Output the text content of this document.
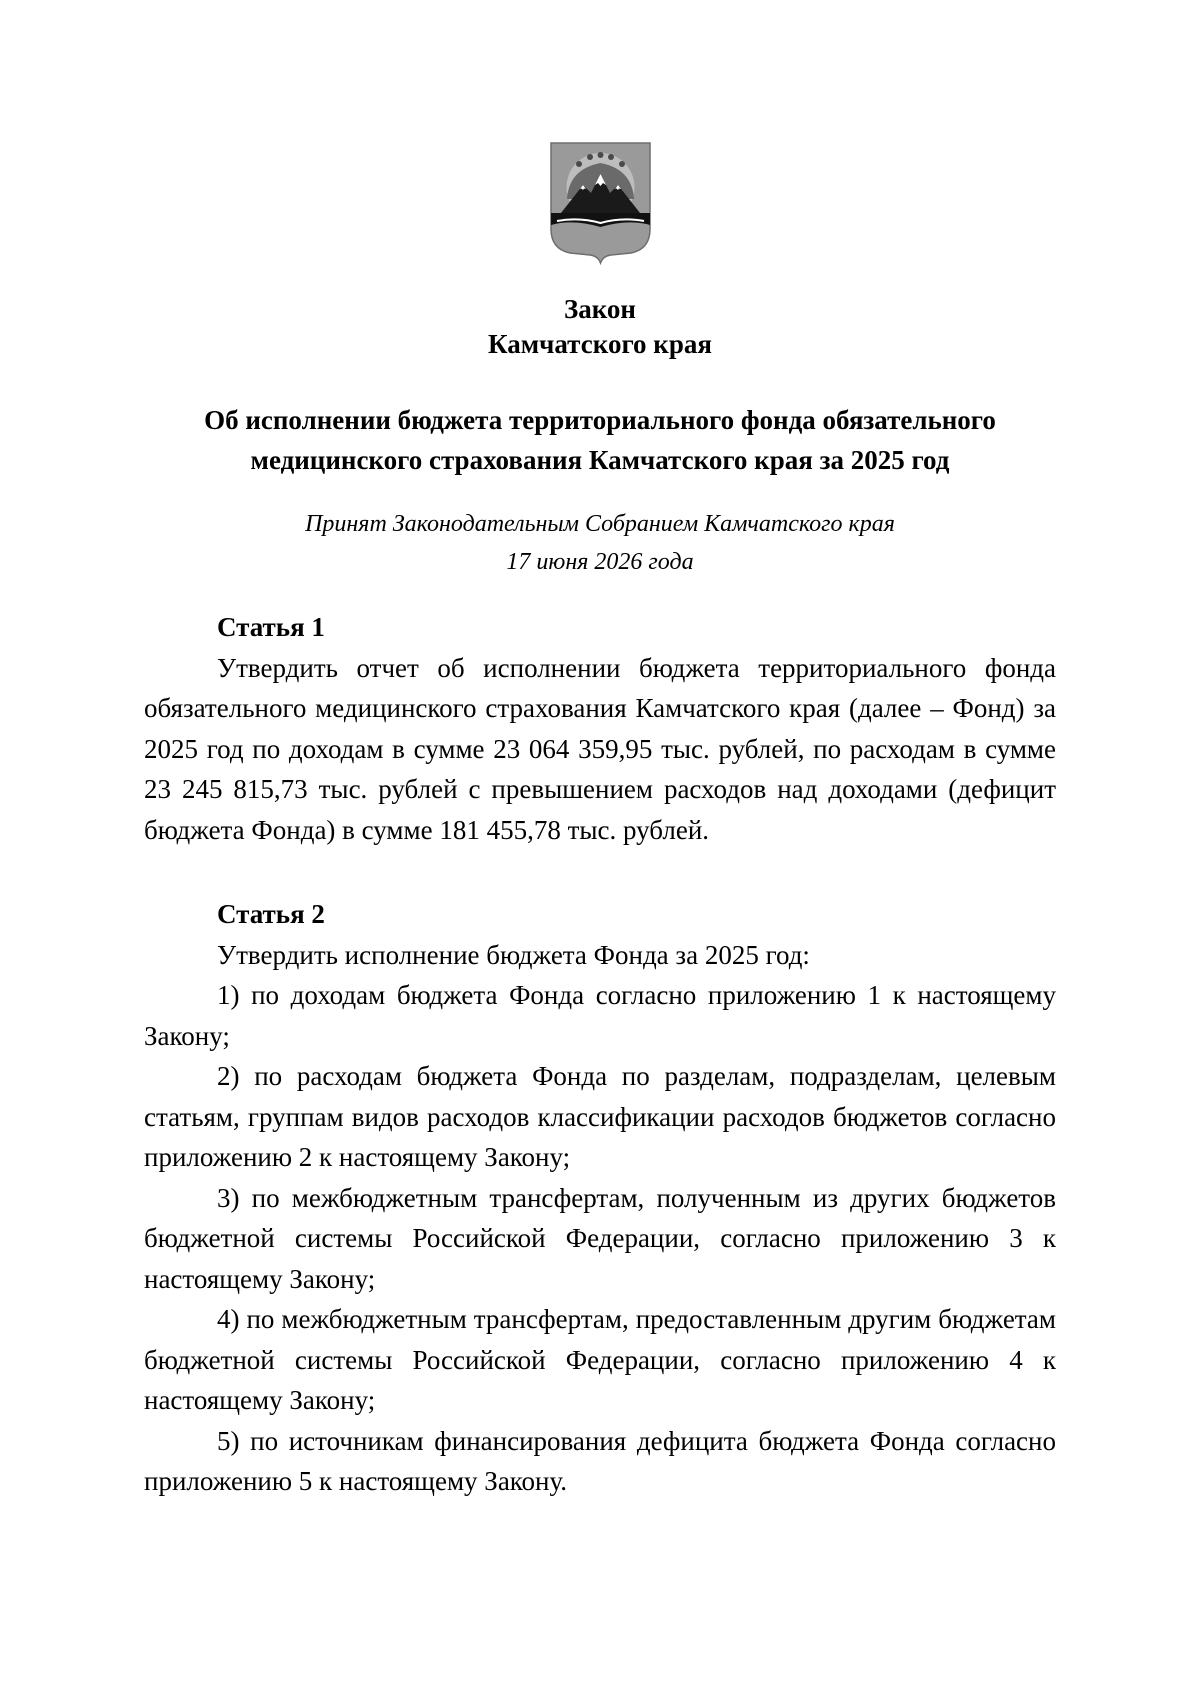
Закон
Камчатского края
Об исполнении бюджета территориального фонда обязательного
медицинского страхования Камчатского края за 2025 год
Принят Законодательным Собранием Камчатского края
17 июня 2026 года
Статья 1

Утвердить отчет об исполнении бюджета территориального фонда обязательного медицинского страхования Камчатского края (далее – Фонд) за 2025 год по доходам в сумме 23 064 359,95 тыс. рублей, по расходам в сумме 23 245 815,73 тыс. рублей с превышением расходов над доходами (дефицит бюджета Фонда) в сумме 181 455,78 тыс. рублей.

Статья 2

Утвердить исполнение бюджета Фонда за 2025 год:

1) по доходам бюджета Фонда согласно приложению 1 к настоящему Закону;

2) по расходам бюджета Фонда по разделам, подразделам, целевым статьям, группам видов расходов классификации расходов бюджетов согласно приложению 2 к настоящему Закону;

3) по межбюджетным трансфертам, полученным из других бюджетов бюджетной системы Российской Федерации, согласно приложению 3 к настоящему Закону;

4) по межбюджетным трансфертам, предоставленным другим бюджетам бюджетной системы Российской Федерации, согласно приложению 4 к настоящему Закону;

5) по источникам финансирования дефицита бюджета Фонда согласно приложению 5 к настоящему Закону.
